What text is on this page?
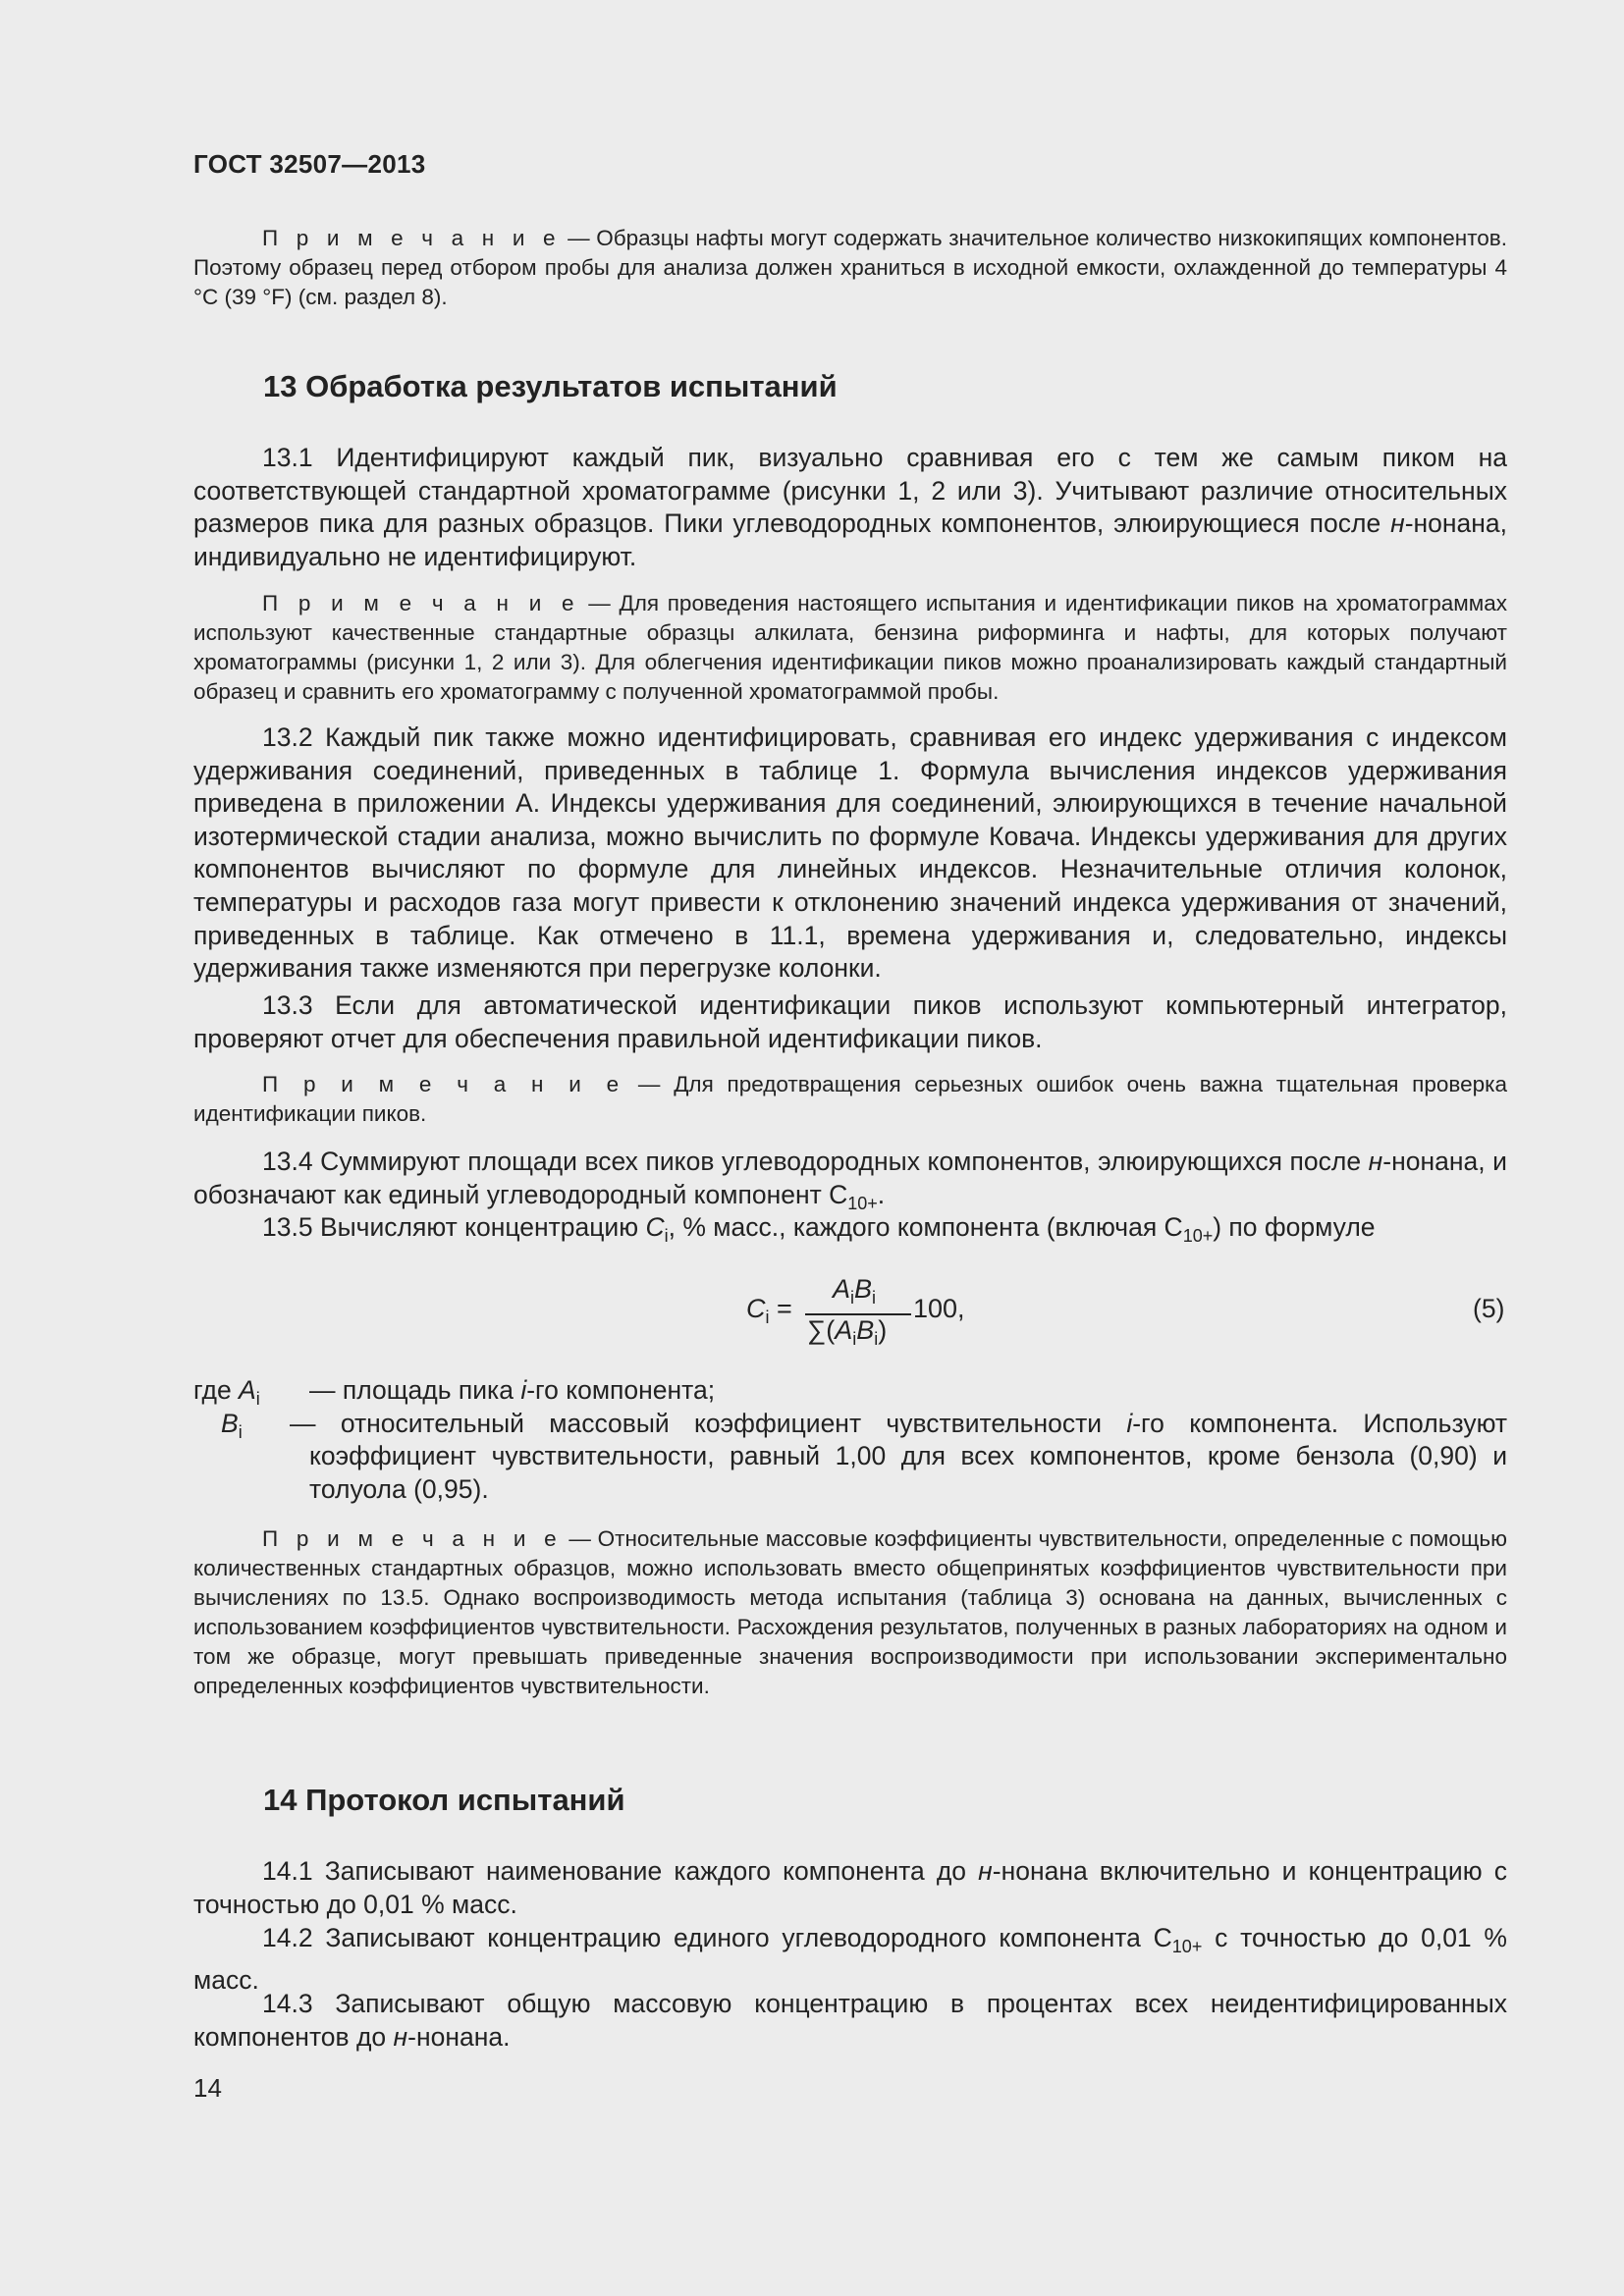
ГОСТ 32507—2013
П р и м е ч а н и е — Образцы нафты могут содержать значительное количество низкокипящих компонентов. Поэтому образец перед отбором пробы для анализа должен храниться в исходной емкости, охлажденной до температуры 4 °C (39 °F) (см. раздел 8).
13 Обработка результатов испытаний
13.1 Идентифицируют каждый пик, визуально сравнивая его с тем же самым пиком на соответствующей стандартной хроматограмме (рисунки 1, 2 или 3). Учитывают различие относительных размеров пика для разных образцов. Пики углеводородных компонентов, элюирующиеся после н-нонана, индивидуально не идентифицируют.
П р и м е ч а н и е — Для проведения настоящего испытания и идентификации пиков на хроматограммах используют качественные стандартные образцы алкилата, бензина риформинга и нафты, для которых получают хроматограммы (рисунки 1, 2 или 3). Для облегчения идентификации пиков можно проанализировать каждый стандартный образец и сравнить его хроматограмму с полученной хроматограммой пробы.
13.2 Каждый пик также можно идентифицировать, сравнивая его индекс удерживания с индексом удерживания соединений, приведенных в таблице 1. Формула вычисления индексов удерживания приведена в приложении А. Индексы удерживания для соединений, элюирующихся в течение начальной изотермической стадии анализа, можно вычислить по формуле Ковача. Индексы удерживания для других компонентов вычисляют по формуле для линейных индексов. Незначительные отличия колонок, температуры и расходов газа могут привести к отклонению значений индекса удерживания от значений, приведенных в таблице. Как отмечено в 11.1, времена удерживания и, следовательно, индексы удерживания также изменяются при перегрузке колонки.
13.3 Если для автоматической идентификации пиков используют компьютерный интегратор, проверяют отчет для обеспечения правильной идентификации пиков.
П р и м е ч а н и е — Для предотвращения серьезных ошибок очень важна тщательная проверка идентификации пиков.
13.4 Суммируют площади всех пиков углеводородных компонентов, элюирующихся после н-нонана, и обозначают как единый углеводородный компонент $С_{10+}$.
13.5 Вычисляют концентрацию $C_i$, % масс., каждого компонента (включая $С_{10+}$) по формуле
$C_i$ =
$A_iB_i$
$\sum(A_iB_i)$
100,	(5)
где $A_i$ — площадь пика i-го компонента;
$B_i$ — относительный массовый коэффициент чувствительности i-го компонента. Используют коэффициент чувствительности, равный 1,00 для всех компонентов, кроме бензола (0,90) и толуола (0,95).
П р и м е ч а н и е — Относительные массовые коэффициенты чувствительности, определенные с помощью количественных стандартных образцов, можно использовать вместо общепринятых коэффициентов чувствительности при вычислениях по 13.5. Однако воспроизводимость метода испытания (таблица 3) основана на данных, вычисленных с использованием коэффициентов чувствительности. Расхождения результатов, полученных в разных лабораториях на одном и том же образце, могут превышать приведенные значения воспроизводимости при использовании экспериментально определенных коэффициентов чувствительности.
14 Протокол испытаний
14.1 Записывают наименование каждого компонента до н-нонана включительно и концентрацию с точностью до 0,01 % масс.
14.2 Записывают концентрацию единого углеводородного компонента $С_{10+}$ с точностью до 0,01 % масс.
14.3 Записывают общую массовую концентрацию в процентах всех неидентифицированных компонентов до н-нонана.
14
